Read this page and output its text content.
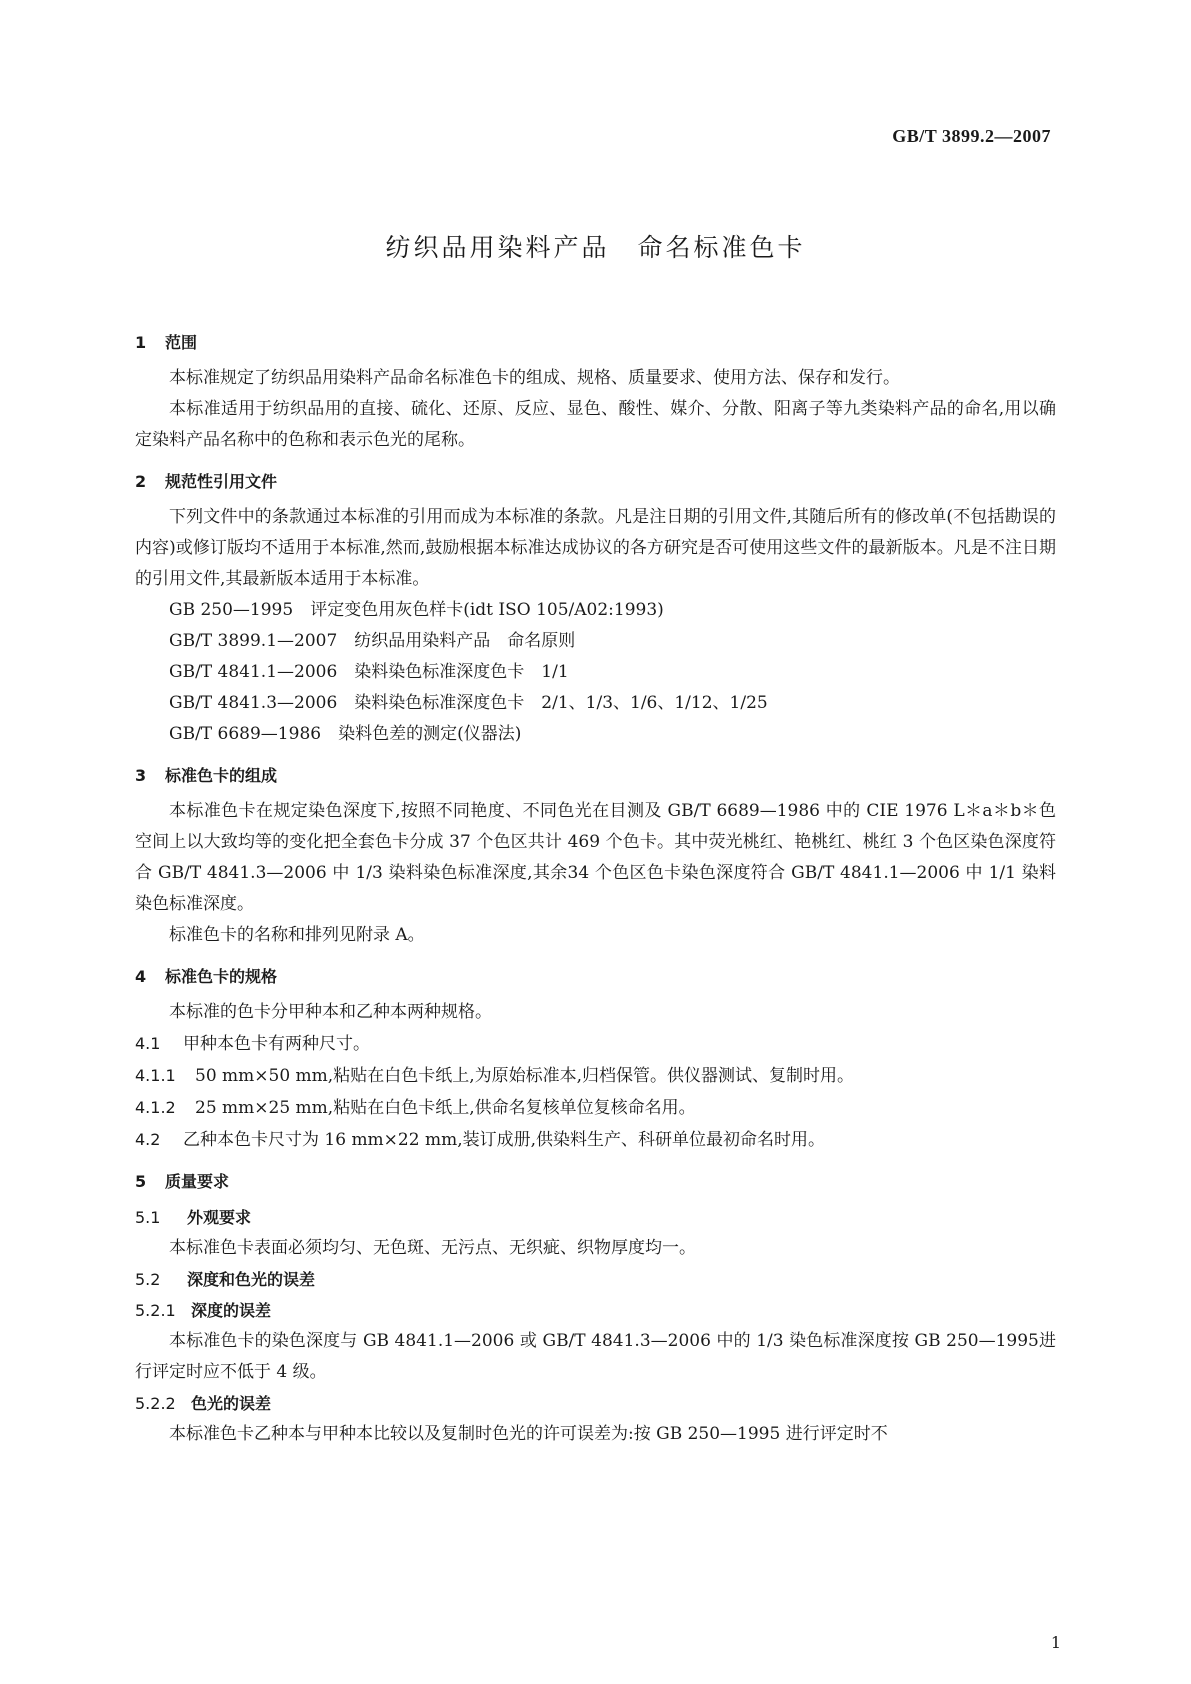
GB/T 3899.2—2007
纺织品用染料产品　命名标准色卡
1 范围

本标准规定了纺织品用染料产品命名标准色卡的组成、规格、质量要求、使用方法、保存和发行。

本标准适用于纺织品用的直接、硫化、还原、反应、显色、酸性、媒介、分散、阳离子等九类染料产品的命名,用以确定染料产品名称中的色称和表示色光的尾称。

2 规范性引用文件

下列文件中的条款通过本标准的引用而成为本标准的条款。凡是注日期的引用文件,其随后所有的修改单(不包括勘误的内容)或修订版均不适用于本标准,然而,鼓励根据本标准达成协议的各方研究是否可使用这些文件的最新版本。凡是不注日期的引用文件,其最新版本适用于本标准。

GB 250—1995　评定变色用灰色样卡(idt ISO 105/A02:1993)

GB/T 3899.1—2007　纺织品用染料产品　命名原则

GB/T 4841.1—2006　染料染色标准深度色卡　1/1

GB/T 4841.3—2006　染料染色标准深度色卡　2/1、1/3、1/6、1/12、1/25

GB/T 6689—1986　染料色差的测定(仪器法)

3 标准色卡的组成

本标准色卡在规定染色深度下,按照不同艳度、不同色光在目测及 GB/T 6689—1986 中的 CIE 1976 L＊a＊b＊色空间上以大致均等的变化把全套色卡分成 37 个色区共计 469 个色卡。其中荧光桃红、艳桃红、桃红 3 个色区染色深度符合 GB/T 4841.3—2006 中 1/3 染料染色标准深度,其余34 个色区色卡染色深度符合 GB/T 4841.1—2006 中 1/1 染料染色标准深度。

标准色卡的名称和排列见附录 A。

4 标准色卡的规格

本标准的色卡分甲种本和乙种本两种规格。

4.1 甲种本色卡有两种尺寸。

4.1.1 50 mm×50 mm,粘贴在白色卡纸上,为原始标准本,归档保管。供仪器测试、复制时用。

4.1.2 25 mm×25 mm,粘贴在白色卡纸上,供命名复核单位复核命名用。

4.2 乙种本色卡尺寸为 16 mm×22 mm,装订成册,供染料生产、科研单位最初命名时用。

5 质量要求
5.1 外观要求

本标准色卡表面必须均匀、无色斑、无污点、无织疵、织物厚度均一。

5.2 深度和色光的误差
5.2.1 深度的误差

本标准色卡的染色深度与 GB 4841.1—2006 或 GB/T 4841.3—2006 中的 1/3 染色标准深度按 GB 250—1995进行评定时应不低于 4 级。

5.2.2 色光的误差

本标准色卡乙种本与甲种本比较以及复制时色光的许可误差为:按 GB 250—1995 进行评定时不

1
